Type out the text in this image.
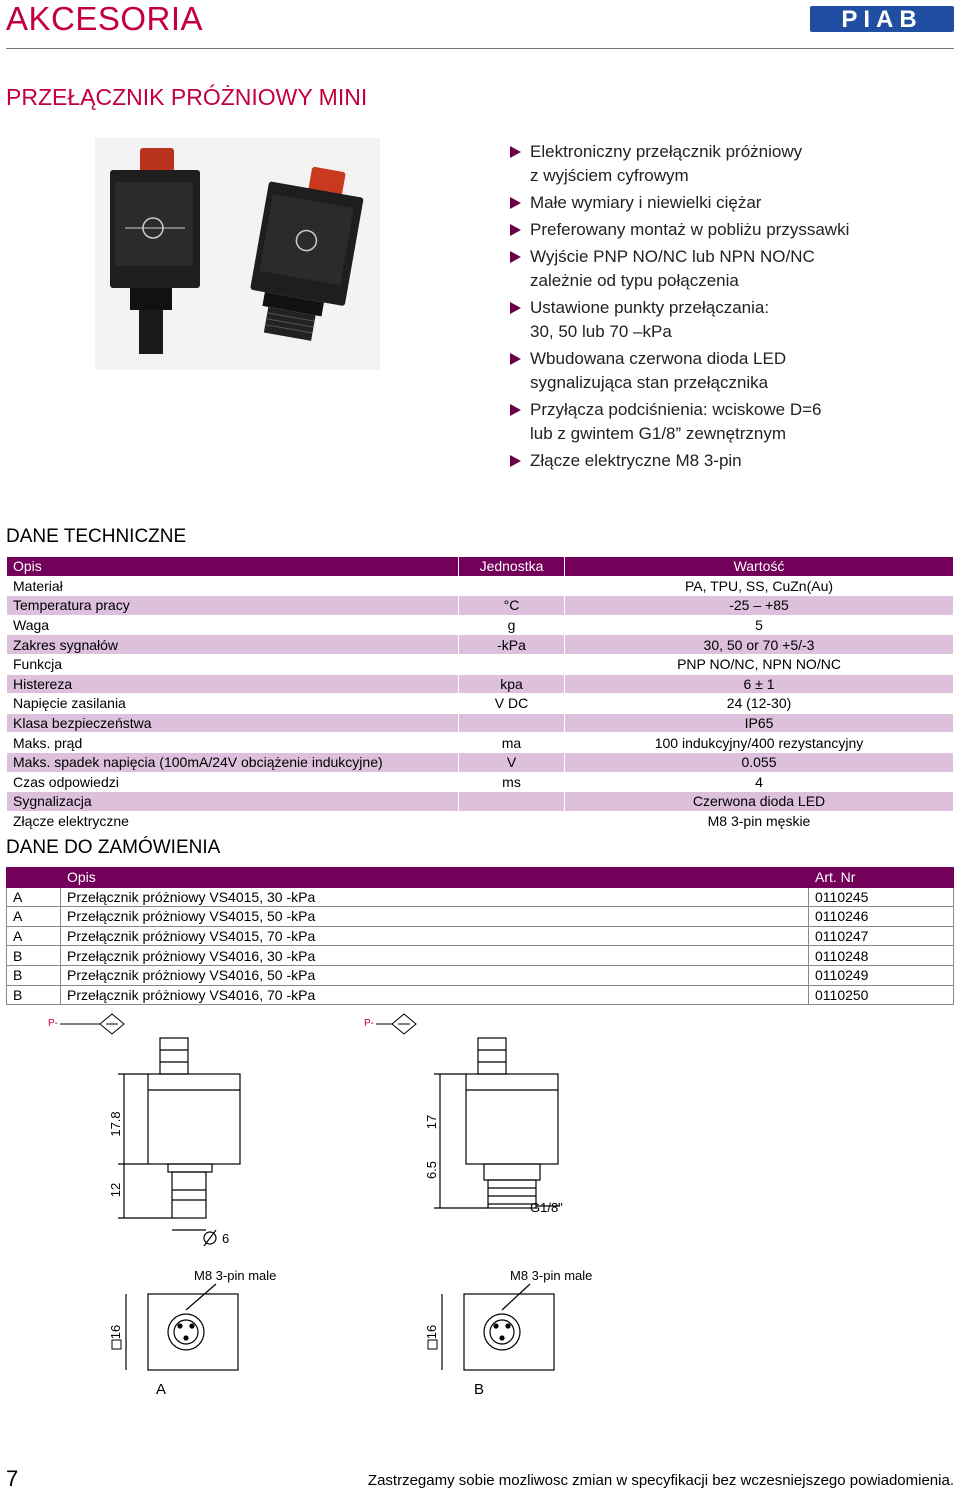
AKCESORIA	PIAB
PRZEŁĄCZNIK PRÓŻNIOWY MINI
Elektroniczny przełącznik próżniowy
z wyjściem cyfrowym
Małe wymiary i niewielki ciężar
Preferowany montaż w pobliżu przyssawki
Wyjście PNP NO/NC lub NPN NO/NC
zależnie od typu połączenia
Ustawione punkty przełączania:
30, 50 lub 70 –kPa
Wbudowana czerwona dioda LED
sygnalizująca stan przełącznika
Przyłącza podciśnienia: wciskowe D=6
lub z gwintem G1/8” zewnętrznym
Złącze elektryczne M8 3-pin
DANE TECHNICZNE
Opis	Jednostka	Wartość
Materiał		PA, TPU, SS, CuZn(Au)
Temperatura pracy	°C	-25 – +85
Waga	g	5
Zakres sygnałów	-kPa	30, 50 or 70 +5/-3
Funkcja		PNP NO/NC, NPN NO/NC
Histereza	kpa	6 ± 1
Napięcie zasilania	V DC	24 (12-30)
Klasa bezpieczeństwa		IP65
Maks. prąd	ma	100 indukcyjny/400 rezystancyjny
Maks. spadek napięcia (100mA/24V obciążenie indukcyjne)	V	0.055
Czas odpowiedzi	ms	4
Sygnalizacja		Czerwona dioda LED
Złącze elektryczne		M8 3-pin męskie
DANE DO ZAMÓWIENIA
	Opis	Art. Nr
A	Przełącznik próżniowy VS4015, 30 -kPa	0110245
A	Przełącznik próżniowy VS4015, 50 -kPa	0110246
A	Przełącznik próżniowy VS4015, 70 -kPa	0110247
B	Przełącznik próżniowy VS4016, 30 -kPa	0110248
B	Przełącznik próżniowy VS4016, 50 -kPa	0110249
B	Przełącznik próżniowy VS4016, 70 -kPa	0110250
P-	P-
17.8
12
6
17
6.5
G1/8"
M8 3-pin male	M8 3-pin male
16	16
A	B
7	Zastrzegamy sobie mozliwosc zmian w specyfikacji bez wczesniejszego powiadomienia.
